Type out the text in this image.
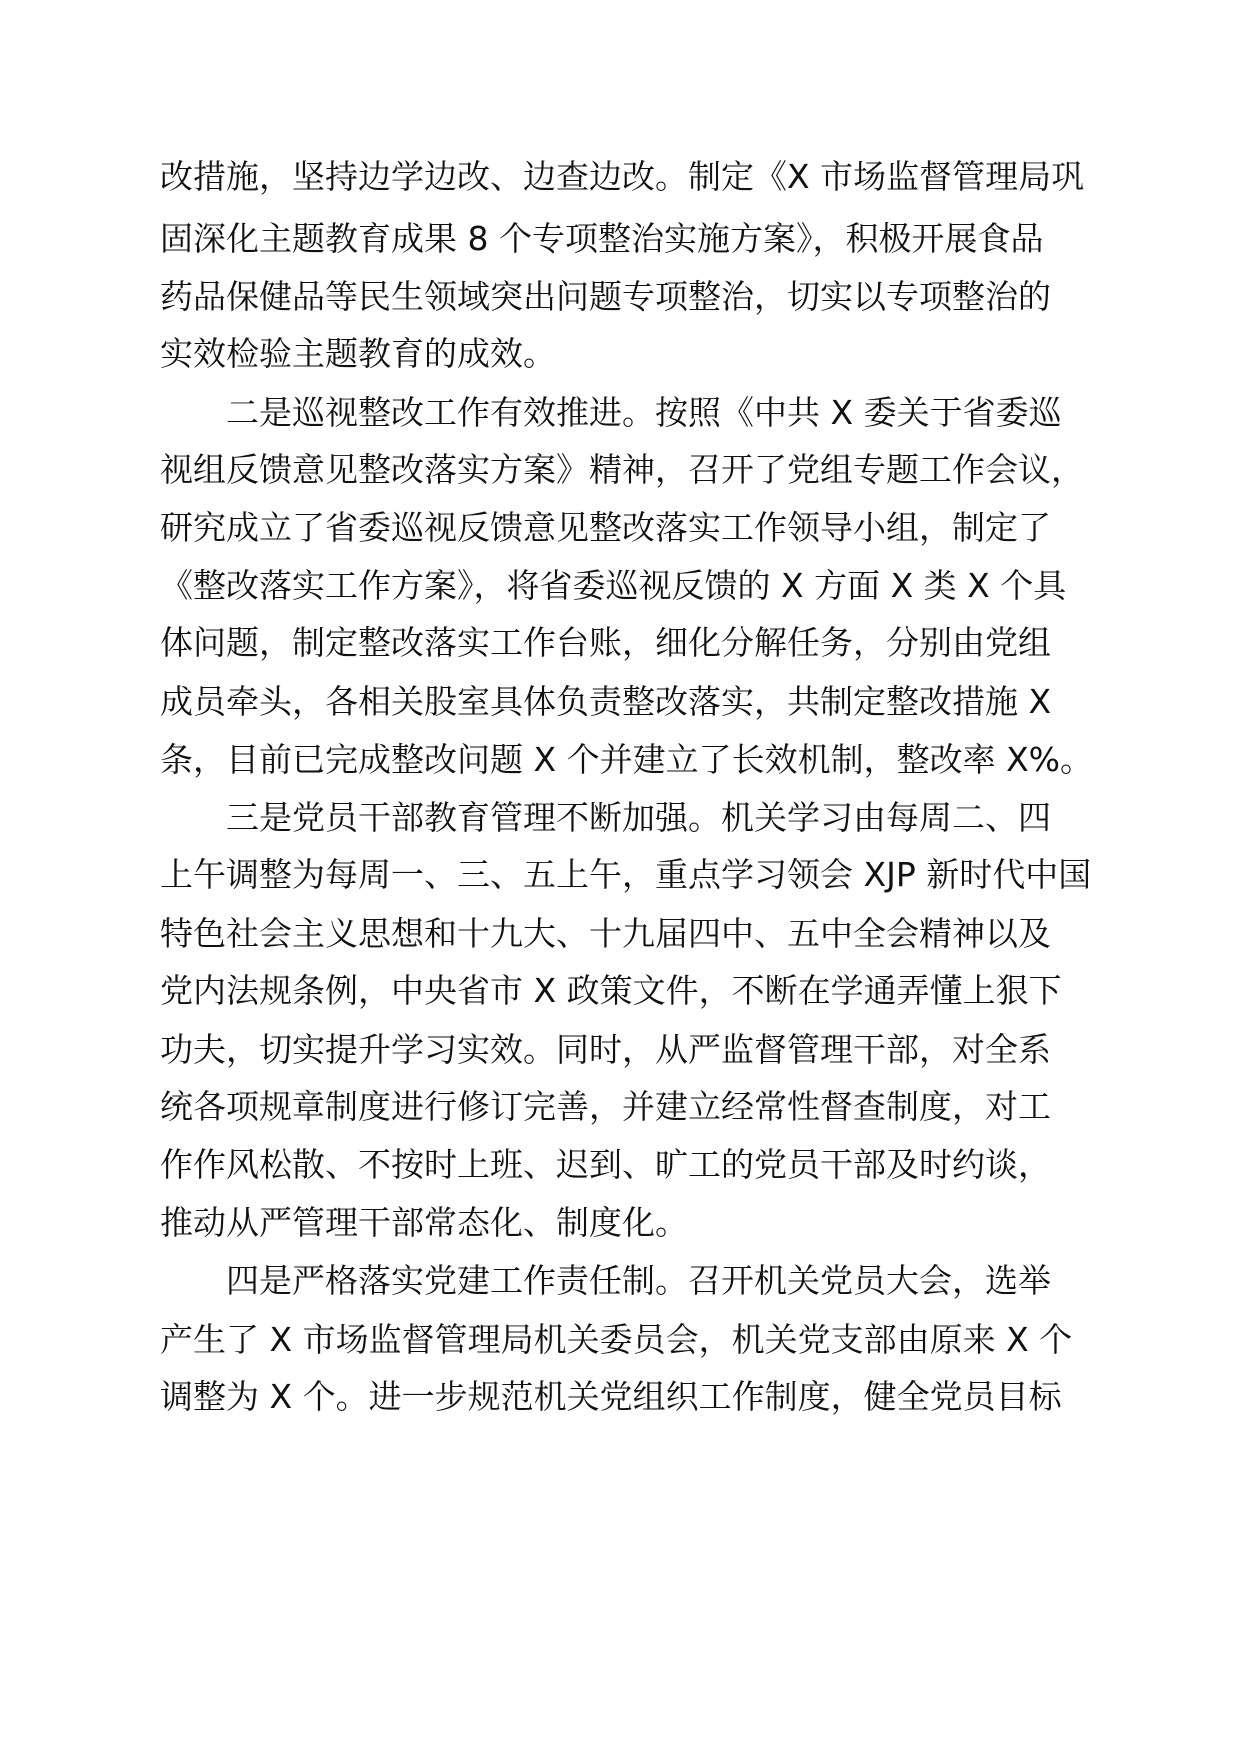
改措施，坚持边学边改、边查边改。制定《X 市场监督管理局巩
固深化主题教育成果 8 个专项整治实施方案》，积极开展食品
药品保健品等民生领域突出问题专项整治，切实以专项整治的
实效检验主题教育的成效。
二是巡视整改工作有效推进。按照《中共 X 委关于省委巡
视组反馈意见整改落实方案》精神，召开了党组专题工作会议，
研究成立了省委巡视反馈意见整改落实工作领导小组，制定了
《整改落实工作方案》，将省委巡视反馈的 X 方面 X 类 X 个具
体问题，制定整改落实工作台账，细化分解任务，分别由党组
成员牵头，各相关股室具体负责整改落实，共制定整改措施 X
条，目前已完成整改问题 X 个并建立了长效机制，整改率 X%。
三是党员干部教育管理不断加强。机关学习由每周二、四
上午调整为每周一、三、五上午，重点学习领会 XJP 新时代中国
特色社会主义思想和十九大、十九届四中、五中全会精神以及
党内法规条例，中央省市 X 政策文件，不断在学通弄懂上狠下
功夫，切实提升学习实效。同时，从严监督管理干部，对全系
统各项规章制度进行修订完善，并建立经常性督查制度，对工
作作风松散、不按时上班、迟到、旷工的党员干部及时约谈，
推动从严管理干部常态化、制度化。
四是严格落实党建工作责任制。召开机关党员大会，选举
产生了 X 市场监督管理局机关委员会，机关党支部由原来 X 个
调整为 X 个。进一步规范机关党组织工作制度，健全党员目标
